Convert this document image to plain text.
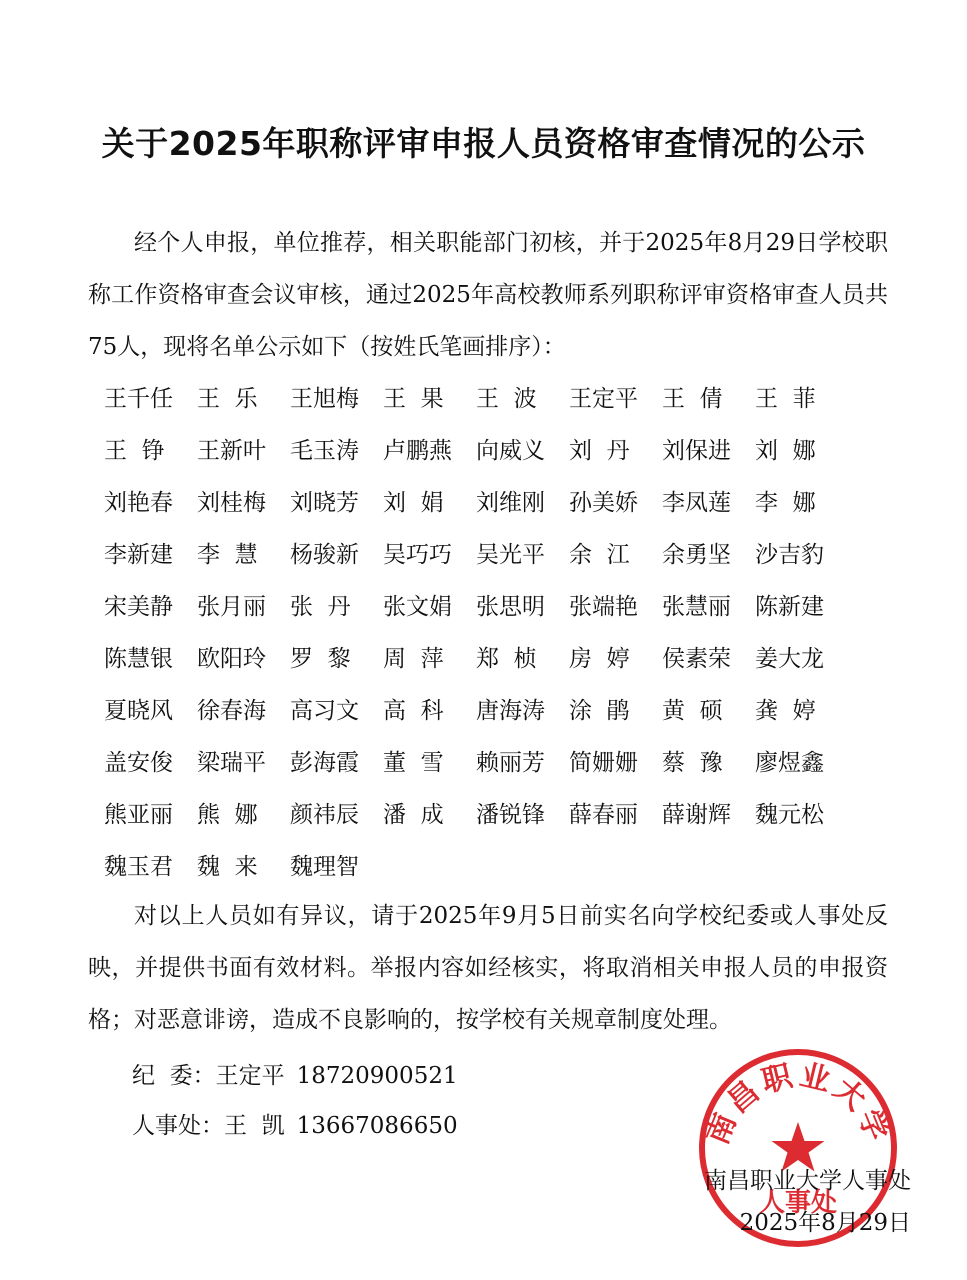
关于2025年职称评审申报人员资格审查情况的公示

经个人申报，单位推荐，相关职能部门初核，并于2025年8月29日学校职称工作资格审查会议审核，通过2025年高校教师系列职称评审资格审查人员共75人，现将名单公示如下（按姓氏笔画排序）：

王千任	王  乐	王旭梅	王  果	王  波	王定平	王  倩	王  菲
王  铮	王新叶	毛玉涛	卢鹏燕	向威义	刘  丹	刘保进	刘  娜
刘艳春	刘桂梅	刘晓芳	刘  娟	刘维刚	孙美娇	李凤莲	李  娜
李新建	李  慧	杨骏新	吴巧巧	吴光平	余  江	余勇坚	沙吉豹
宋美静	张月丽	张  丹	张文娟	张思明	张端艳	张慧丽	陈新建
陈慧银	欧阳玲	罗  黎	周  萍	郑  桢	房  婷	侯素荣	姜大龙
夏晓风	徐春海	高习文	高  科	唐海涛	涂  鹃	黄  硕	龚  婷
盖安俊	梁瑞平	彭海霞	董  雪	赖丽芳	简姗姗	蔡  豫	廖煜鑫
熊亚丽	熊  娜	颜祎辰	潘  成	潘锐锋	薛春丽	薛谢辉	魏元松
魏玉君	魏  来	魏理智

对以上人员如有异议，请于2025年9月5日前实名向学校纪委或人事处反映，并提供书面有效材料。举报内容如经核实，将取消相关申报人员的申报资格；对恶意诽谤，造成不良影响的，按学校有关规章制度处理。

纪  委：王定平 18720900521
人事处：王  凯 13667086650	南昌职业大学
人事处
南昌职业大学人事处
2025年8月29日
